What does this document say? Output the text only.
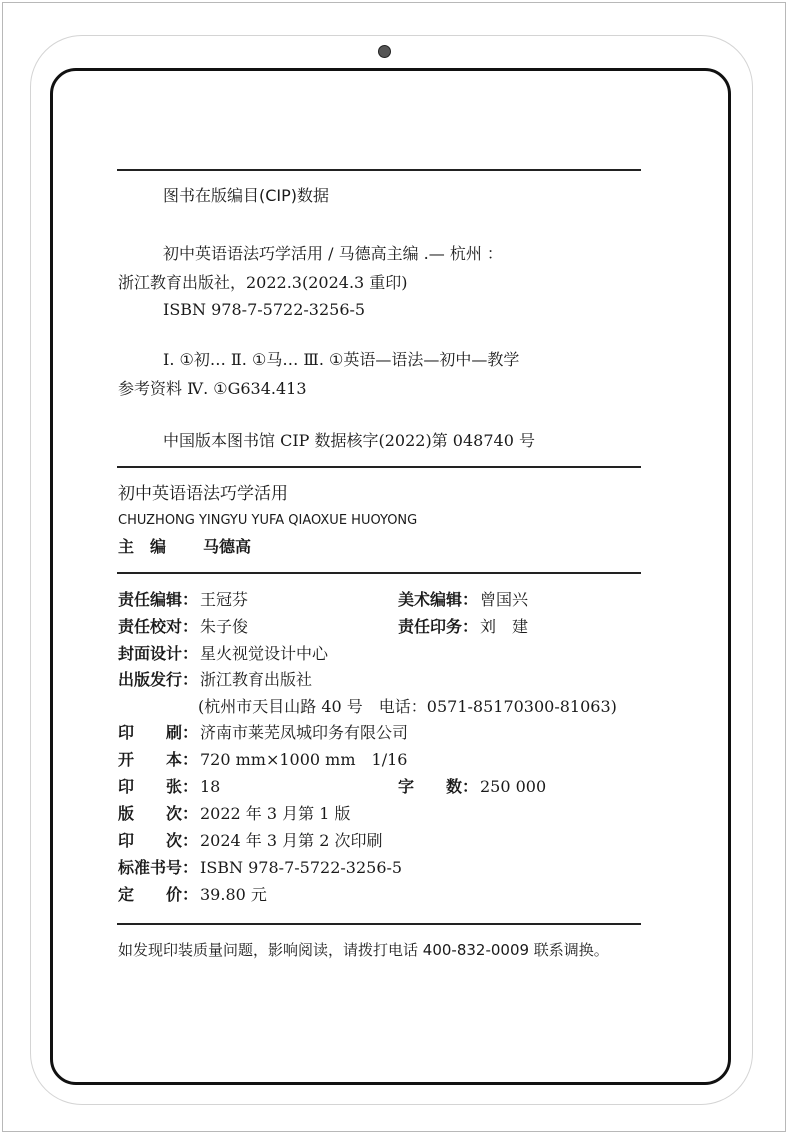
图书在版编目(CIP)数据
初中英语语法巧学活用 / 马德高主编 .— 杭州 ：
浙江教育出版社，2022.3(2024.3 重印)
ISBN 978-7-5722-3256-5
Ⅰ. ①初… Ⅱ. ①马… Ⅲ. ①英语—语法—初中—教学
参考资料 Ⅳ. ①G634.413
中国版本图书馆 CIP 数据核字(2022)第 048740 号
初中英语语法巧学活用
CHUZHONG YINGYU YUFA QIAOXUE HUOYONG
主　编 马德高
责任编辑： 王冠芬	美术编辑： 曾国兴
责任校对： 朱子俊	责任印务： 刘　建
封面设计： 星火视觉设计中心
出版发行： 浙江教育出版社
(杭州市天目山路 40 号　电话：0571-85170300-81063)
印　　刷： 济南市莱芜凤城印务有限公司
开　　本： 720 mm×1000 mm　1/16
印　　张： 18	字　　数： 250 000
版　　次： 2022 年 3 月第 1 版
印　　次： 2024 年 3 月第 2 次印刷
标准书号： ISBN 978-7-5722-3256-5
定　　价： 39.80 元
如发现印装质量问题，影响阅读，请拨打电话 400-832-0009 联系调换。
